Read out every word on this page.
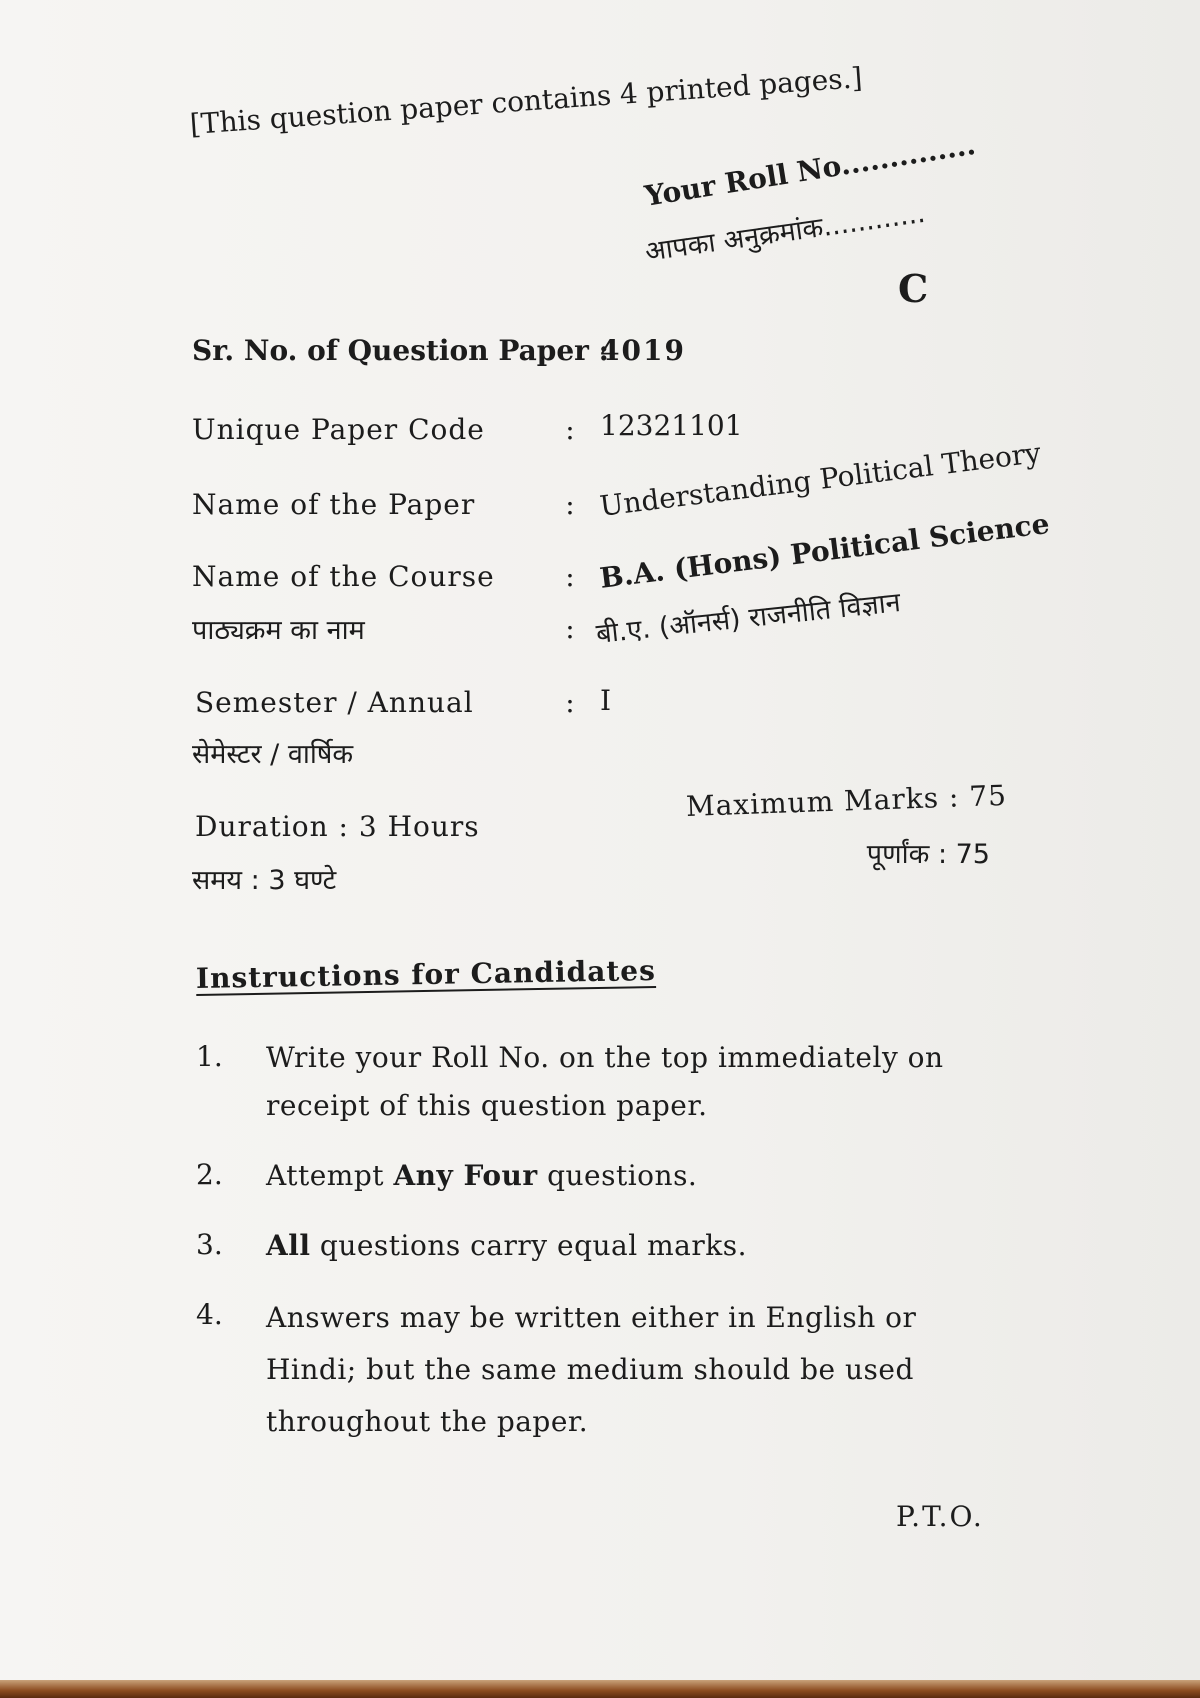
[This question paper contains 4 printed pages.]
Your Roll No..............
आपका अनुक्रमांक............
C
Sr. No. of Question Paper :
4019
Unique Paper Code	: 12321101
Name of the Paper	: Understanding Political Theory
Name of the Course	: B.A. (Hons) Political Science
पाठ्यक्रम का नाम	: बी.ए. (ऑनर्स) राजनीति विज्ञान
Semester / Annual	: I
सेमेस्टर / वार्षिक
Duration : 3 Hours
समय : 3 घण्टे
Maximum Marks : 75
पूर्णांक : 75
Instructions for Candidates
1.	Write your Roll No. on the top immediately on receipt of this question paper.
2.	Attempt Any Four questions.
3.	All questions carry equal marks.
4.	Answers may be written either in English or Hindi; but the same medium should be used throughout the paper.
P.T.O.
